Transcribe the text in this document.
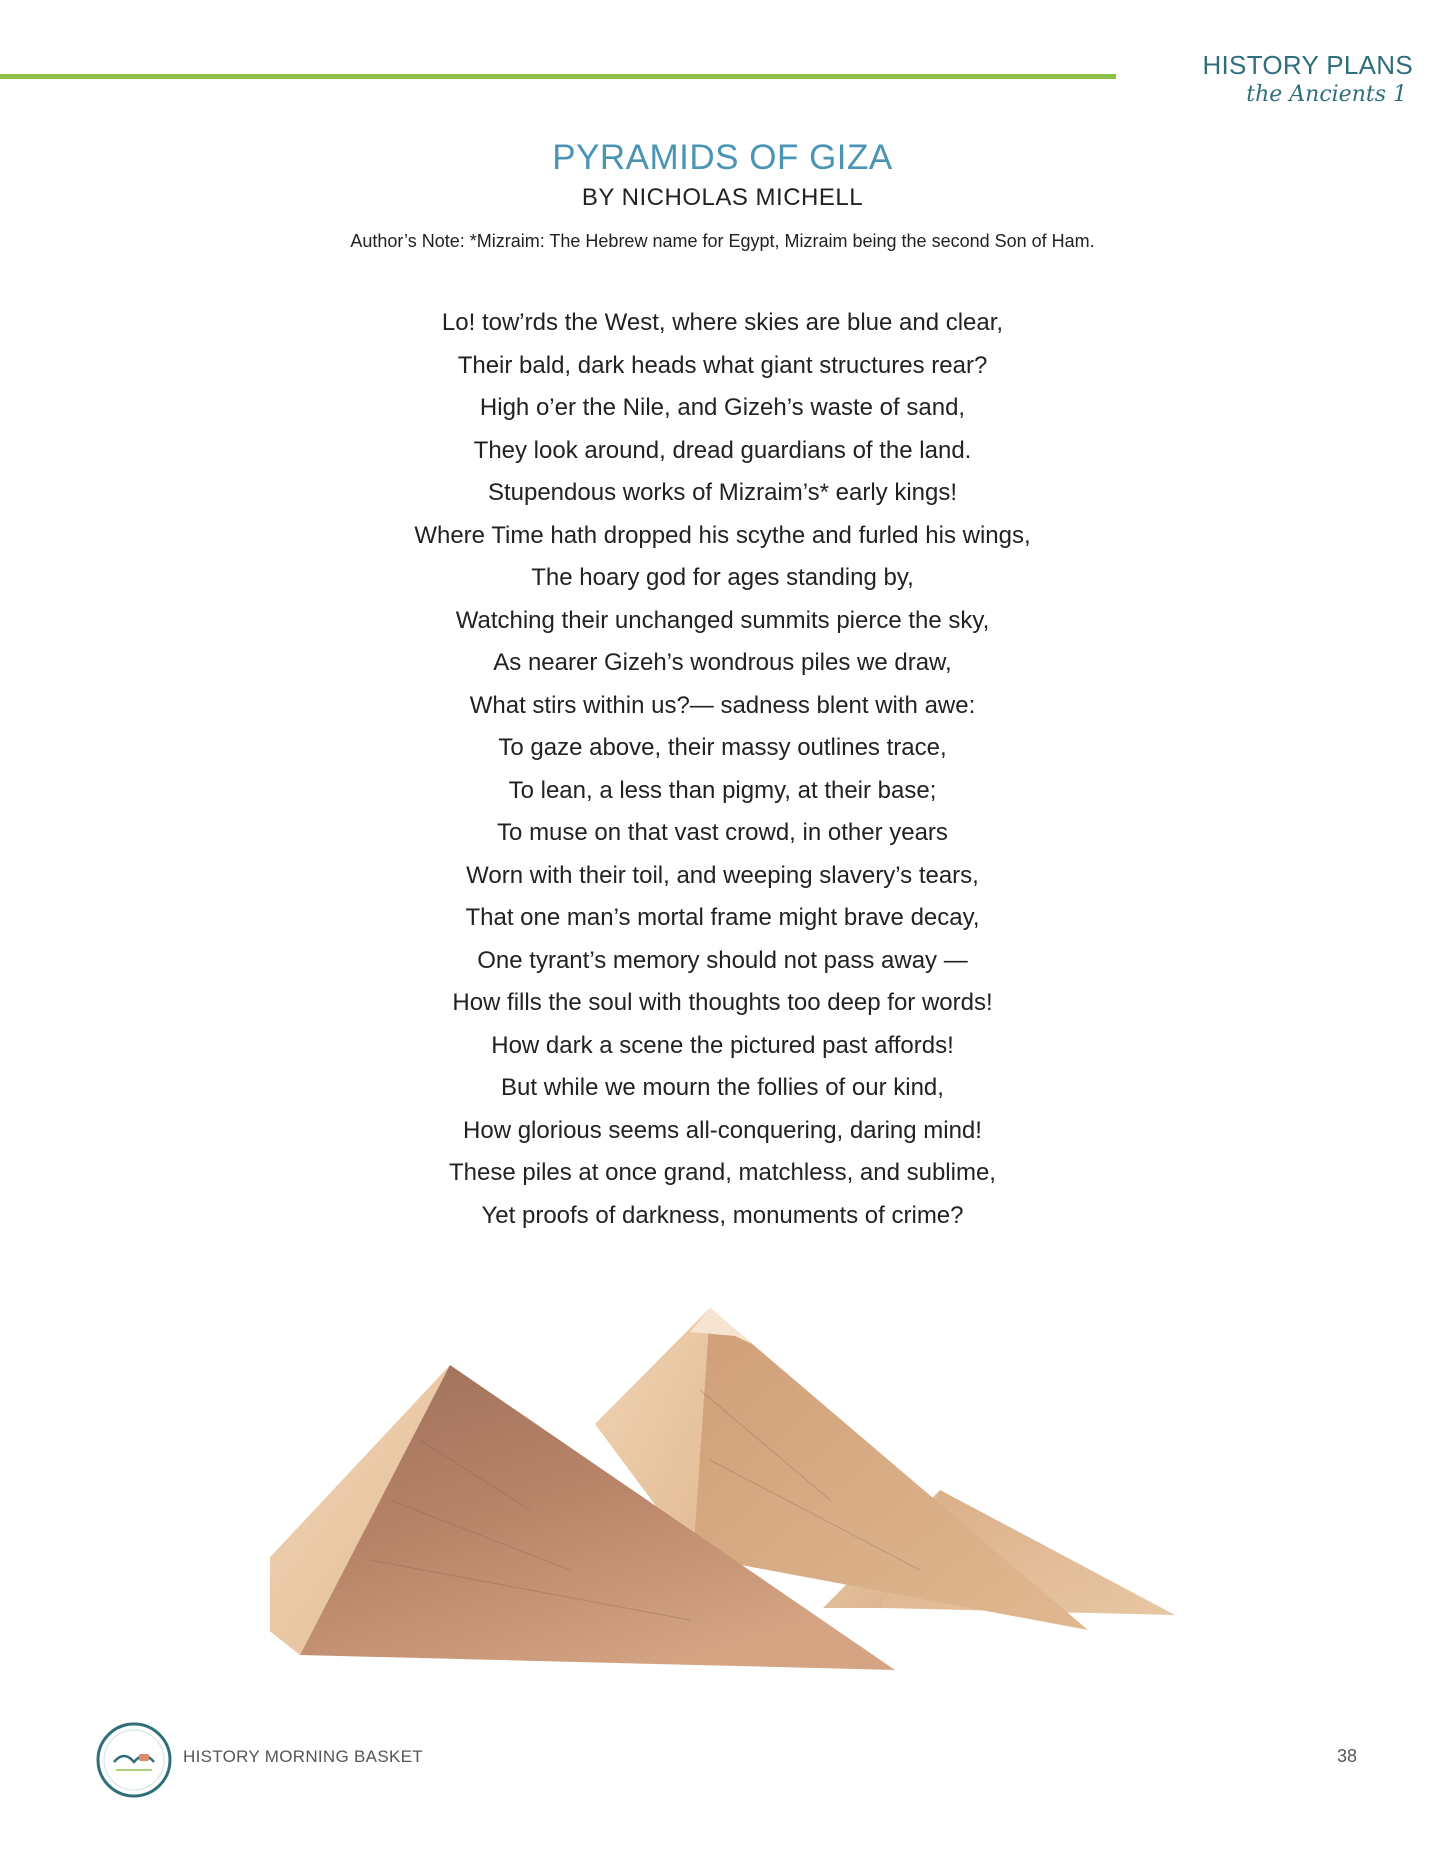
HISTORY PLANS
the Ancients 1
PYRAMIDS OF GIZA
BY NICHOLAS MICHELL
Author’s Note: *Mizraim: The Hebrew name for Egypt, Mizraim being the second Son of Ham.
Lo! tow’rds the West, where skies are blue and clear,
Their bald, dark heads what giant structures rear?
High o’er the Nile, and Gizeh’s waste of sand,
They look around, dread guardians of the land.
Stupendous works of Mizraim’s* early kings!
Where Time hath dropped his scythe and furled his wings,
The hoary god for ages standing by,
Watching their unchanged summits pierce the sky,
As nearer Gizeh’s wondrous piles we draw,
What stirs within us?— sadness blent with awe:
To gaze above, their massy outlines trace,
To lean, a less than pigmy, at their base;
To muse on that vast crowd, in other years
Worn with their toil, and weeping slavery’s tears,
That one man’s mortal frame might brave decay,
One tyrant’s memory should not pass away —
How fills the soul with thoughts too deep for words!
How dark a scene the pictured past affords!
But while we mourn the follies of our kind,
How glorious seems all-conquering, daring mind!
These piles at once grand, matchless, and sublime,
Yet proofs of darkness, monuments of crime?
HISTORY MORNING BASKET	38
